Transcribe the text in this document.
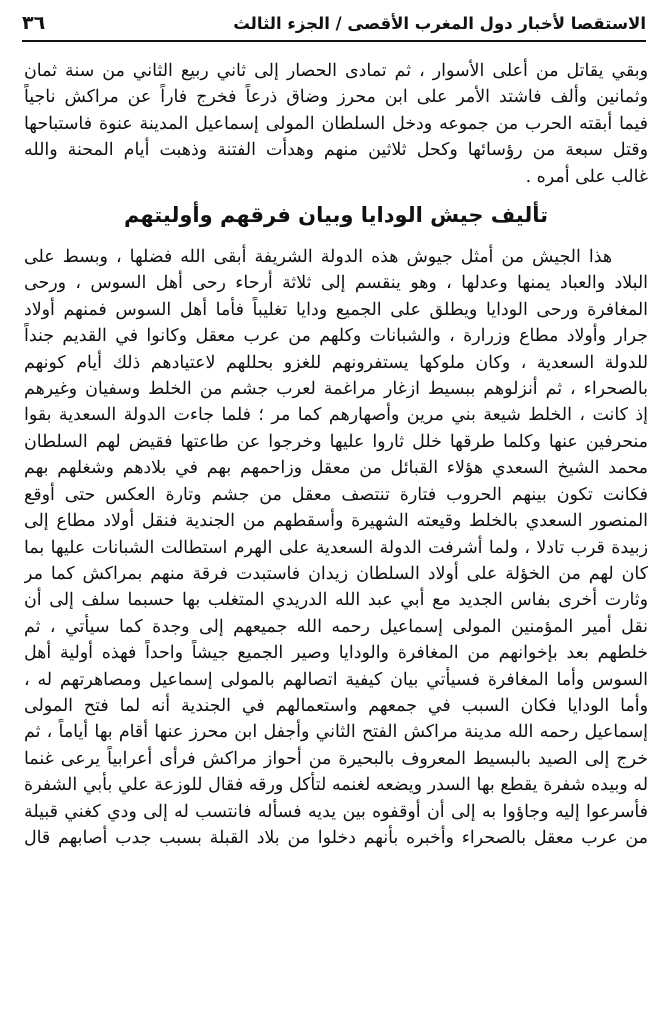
الاستقصا لأخبار دول المغرب الأقصى / الجزء الثالث
٣٦

وبقي يقاتل من أعلى الأسوار ، ثم تمادى الحصار إلى ثاني ربيع الثاني من سنة ثمان
وثمانين وألف فاشتد الأمر على ابن محرز وضاق ذرعاً فخرج فاراً عن مراكش ناجياً
فيما أبقته الحرب من جموعه ودخل السلطان المولى إسماعيل المدينة عنوة فاستباحها
وقتل سبعة من رؤسائها وكحل ثلاثين منهم وهدأت الفتنة وذهبت أيام المحنة والله
غالب على أمره .

تأليف جيش الودايا وبيان فرقهم وأوليتهم

هذا الجيش من أمثل جيوش هذه الدولة الشريفة أبقى الله فضلها ، وبسط على
البلاد والعباد يمنها وعدلها ، وهو ينقسم إلى ثلاثة أرحاء رحى أهل السوس ، ورحى
المغافرة ورحى الودايا ويطلق على الجميع ودايا تغليباً فأما أهل السوس فمنهم أولاد
جرار وأولاد مطاع وزرارة ، والشبانات وكلهم من عرب معقل وكانوا في القديم جنداً
للدولة السعدية ، وكان ملوكها يستفرونهم للغزو بحللهم لاعتيادهم ذلك أيام كونهم
بالصحراء ، ثم أنزلوهم ببسيط ازغار مراغمة لعرب جشم من الخلط وسفيان وغيرهم
إذ كانت ، الخلط شيعة بني مرين وأصهارهم كما مر ؛ فلما جاءت الدولة السعدية بقوا
منحرفين عنها وكلما طرقها خلل ثاروا عليها وخرجوا عن طاعتها فقيض لهم السلطان
محمد الشيخ السعدي هؤلاء القبائل من معقل وزاحمهم بهم في بلادهم وشغلهم بهم
فكانت تكون بينهم الحروب فتارة تنتصف معقل من جشم وتارة العكس حتى أوقع
المنصور السعدي بالخلط وقيعته الشهيرة وأسقطهم من الجندية فنقل أولاد مطاع إلى
زبيدة قرب تادلا ، ولما أشرفت الدولة السعدية على الهرم استطالت الشبانات عليها بما
كان لهم من الخؤلة على أولاد السلطان زيدان فاستبدت فرقة منهم بمراكش كما مر
وثارت أخرى بفاس الجديد مع أبي عبد الله الدريدي المتغلب بها حسبما سلف إلى أن
نقل أمير المؤمنين المولى إسماعيل رحمه الله جميعهم إلى وجدة كما سيأتي ، ثم
خلطهم بعد بإخوانهم من المغافرة والودايا وصير الجميع جيشاً واحداً فهذه أولية أهل
السوس وأما المغافرة فسيأتي بيان كيفية اتصالهم بالمولى إسماعيل ومصاهرتهم له ،
وأما الودايا فكان السبب في جمعهم واستعمالهم في الجندية أنه لما فتح المولى
إسماعيل رحمه الله مدينة مراكش الفتح الثاني وأجفل ابن محرز عنها أقام بها أياماً ، ثم
خرج إلى الصيد بالبسيط المعروف بالبحيرة من أحواز مراكش فرأى أعرابياً يرعى غنما
له وبيده شفرة يقطع بها السدر ويضعه لغنمه لتأكل ورقه فقال للوزعة علي بأبي الشفرة
فأسرعوا إليه وجاؤوا به إلى أن أوقفوه بين يديه فسأله فانتسب له إلى ودي كغني قبيلة
من عرب معقل بالصحراء وأخبره بأنهم دخلوا من بلاد القبلة بسبب جدب أصابهم قال
